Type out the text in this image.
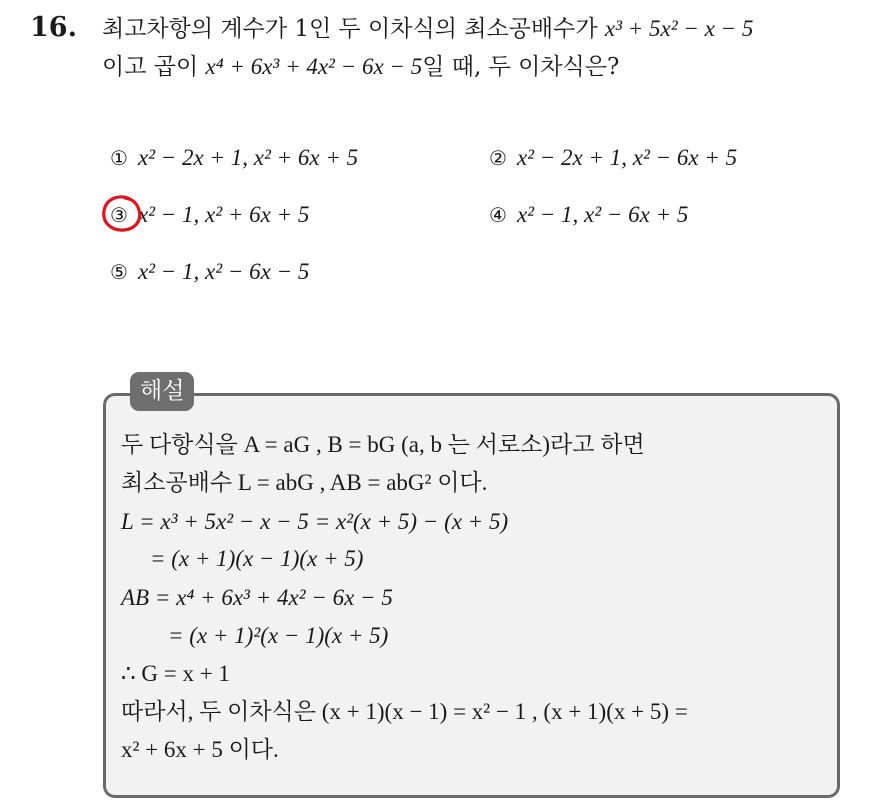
16. 최고차항의 계수가 1인 두 이차식의 최소공배수가 x³ + 5x² − x − 5
이고 곱이 x⁴ + 6x³ + 4x² − 6x − 5일 때, 두 이차식은?
① x² − 2x + 1, x² + 6x + 5	② x² − 2x + 1, x² − 6x + 5
③ x² − 1, x² + 6x + 5	④ x² − 1, x² − 6x + 5
⑤ x² − 1, x² − 6x − 5
해설
두 다항식을 A = aG , B = bG (a, b 는 서로소)라고 하면
최소공배수 L = abG , AB = abG² 이다.
L = x³ + 5x² − x − 5 = x²(x + 5) − (x + 5)
= (x + 1)(x − 1)(x + 5)
AB = x⁴ + 6x³ + 4x² − 6x − 5
= (x + 1)²(x − 1)(x + 5)
∴ G = x + 1
따라서, 두 이차식은 (x + 1)(x − 1) = x² − 1 , (x + 1)(x + 5) =
x² + 6x + 5 이다.
